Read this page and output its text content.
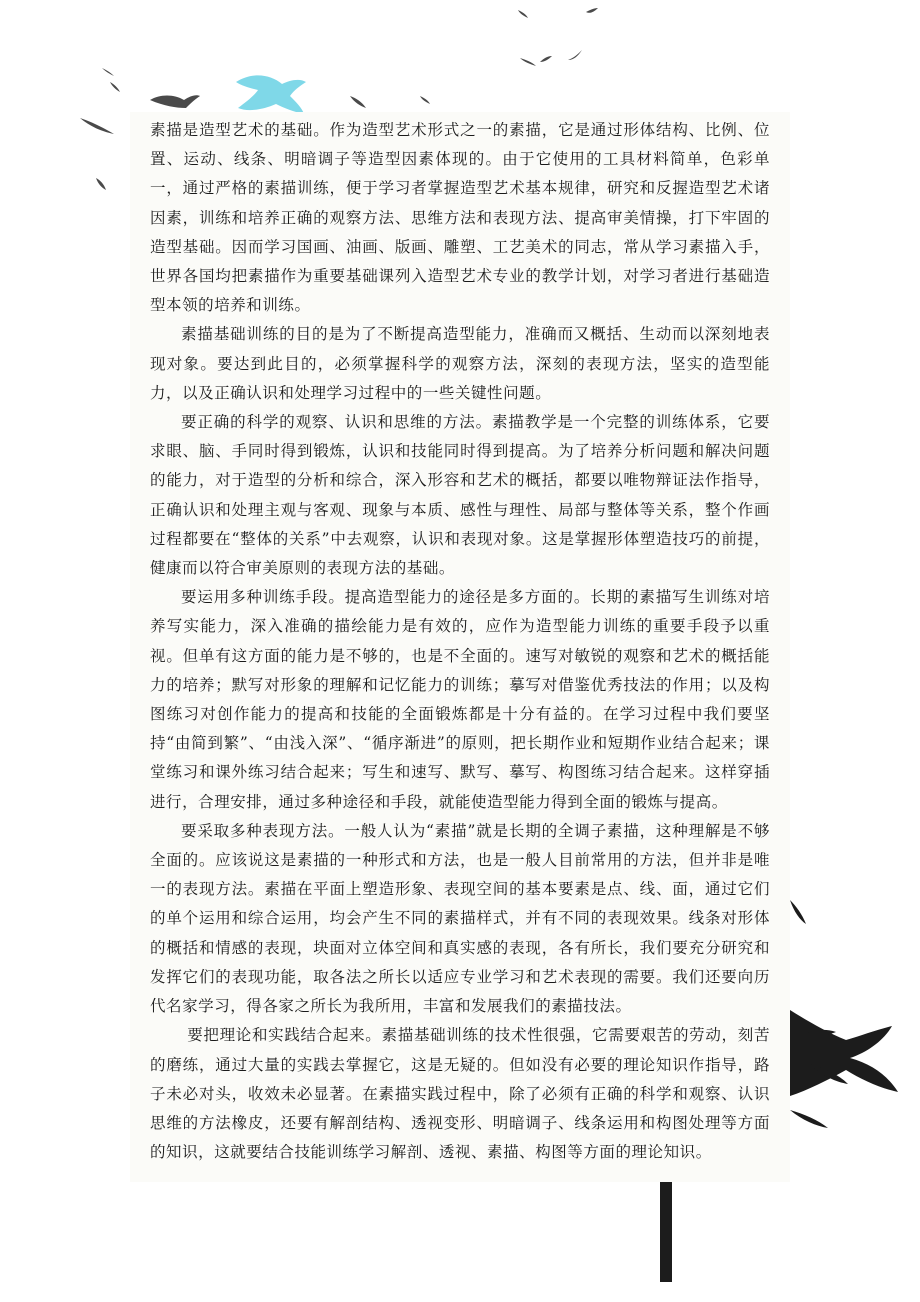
素描是造型艺术的基础。作为造型艺术形式之一的素描，它是通过形体结构、比例、位置、运动、线条、明暗调子等造型因素体现的。由于它使用的工具材料简单，色彩单一，通过严格的素描训练，便于学习者掌握造型艺术基本规律，研究和反握造型艺术诸因素，训练和培养正确的观察方法、思维方法和表现方法、提高审美情操，打下牢固的造型基础。因而学习国画、油画、版画、雕塑、工艺美术的同志，常从学习素描入手，世界各国均把素描作为重要基础课列入造型艺术专业的教学计划，对学习者进行基础造型本领的培养和训练。

素描基础训练的目的是为了不断提高造型能力，准确而又概括、生动而以深刻地表现对象。要达到此目的，必须掌握科学的观察方法，深刻的表现方法，坚实的造型能力，以及正确认识和处理学习过程中的一些关键性问题。

要正确的科学的观察、认识和思维的方法。素描教学是一个完整的训练体系，它要求眼、脑、手同时得到锻炼，认识和技能同时得到提高。为了培养分析问题和解决问题的能力，对于造型的分析和综合，深入形容和艺术的概括，都要以唯物辩证法作指导，正确认识和处理主观与客观、现象与本质、感性与理性、局部与整体等关系，整个作画过程都要在“整体的关系”中去观察，认识和表现对象。这是掌握形体塑造技巧的前提，健康而以符合审美原则的表现方法的基础。

要运用多种训练手段。提高造型能力的途径是多方面的。长期的素描写生训练对培养写实能力，深入准确的描绘能力是有效的，应作为造型能力训练的重要手段予以重视。但单有这方面的能力是不够的，也是不全面的。速写对敏锐的观察和艺术的概括能力的培养；默写对形象的理解和记忆能力的训练；摹写对借鉴优秀技法的作用；以及构图练习对创作能力的提高和技能的全面锻炼都是十分有益的。在学习过程中我们要坚持“由简到繁”、“由浅入深”、“循序渐进”的原则，把长期作业和短期作业结合起来；课堂练习和课外练习结合起来；写生和速写、默写、摹写、构图练习结合起来。这样穿插进行，合理安排，通过多种途径和手段，就能使造型能力得到全面的锻炼与提高。

要采取多种表现方法。一般人认为“素描”就是长期的全调子素描，这种理解是不够全面的。应该说这是素描的一种形式和方法，也是一般人目前常用的方法，但并非是唯一的表现方法。素描在平面上塑造形象、表现空间的基本要素是点、线、面，通过它们的单个运用和综合运用，均会产生不同的素描样式，并有不同的表现效果。线条对形体的概括和情感的表现，块面对立体空间和真实感的表现，各有所长，我们要充分研究和发挥它们的表现功能，取各法之所长以适应专业学习和艺术表现的需要。我们还要向历代名家学习，得各家之所长为我所用，丰富和发展我们的素描技法。

要把理论和实践结合起来。素描基础训练的技术性很强，它需要艰苦的劳动，刻苦的磨练，通过大量的实践去掌握它，这是无疑的。但如没有必要的理论知识作指导，路子未必对头，收效未必显著。在素描实践过程中，除了必须有正确的科学和观察、认识思维的方法橡皮，还要有解剖结构、透视变形、明暗调子、线条运用和构图处理等方面的知识，这就要结合技能训练学习解剖、透视、素描、构图等方面的理论知识。
